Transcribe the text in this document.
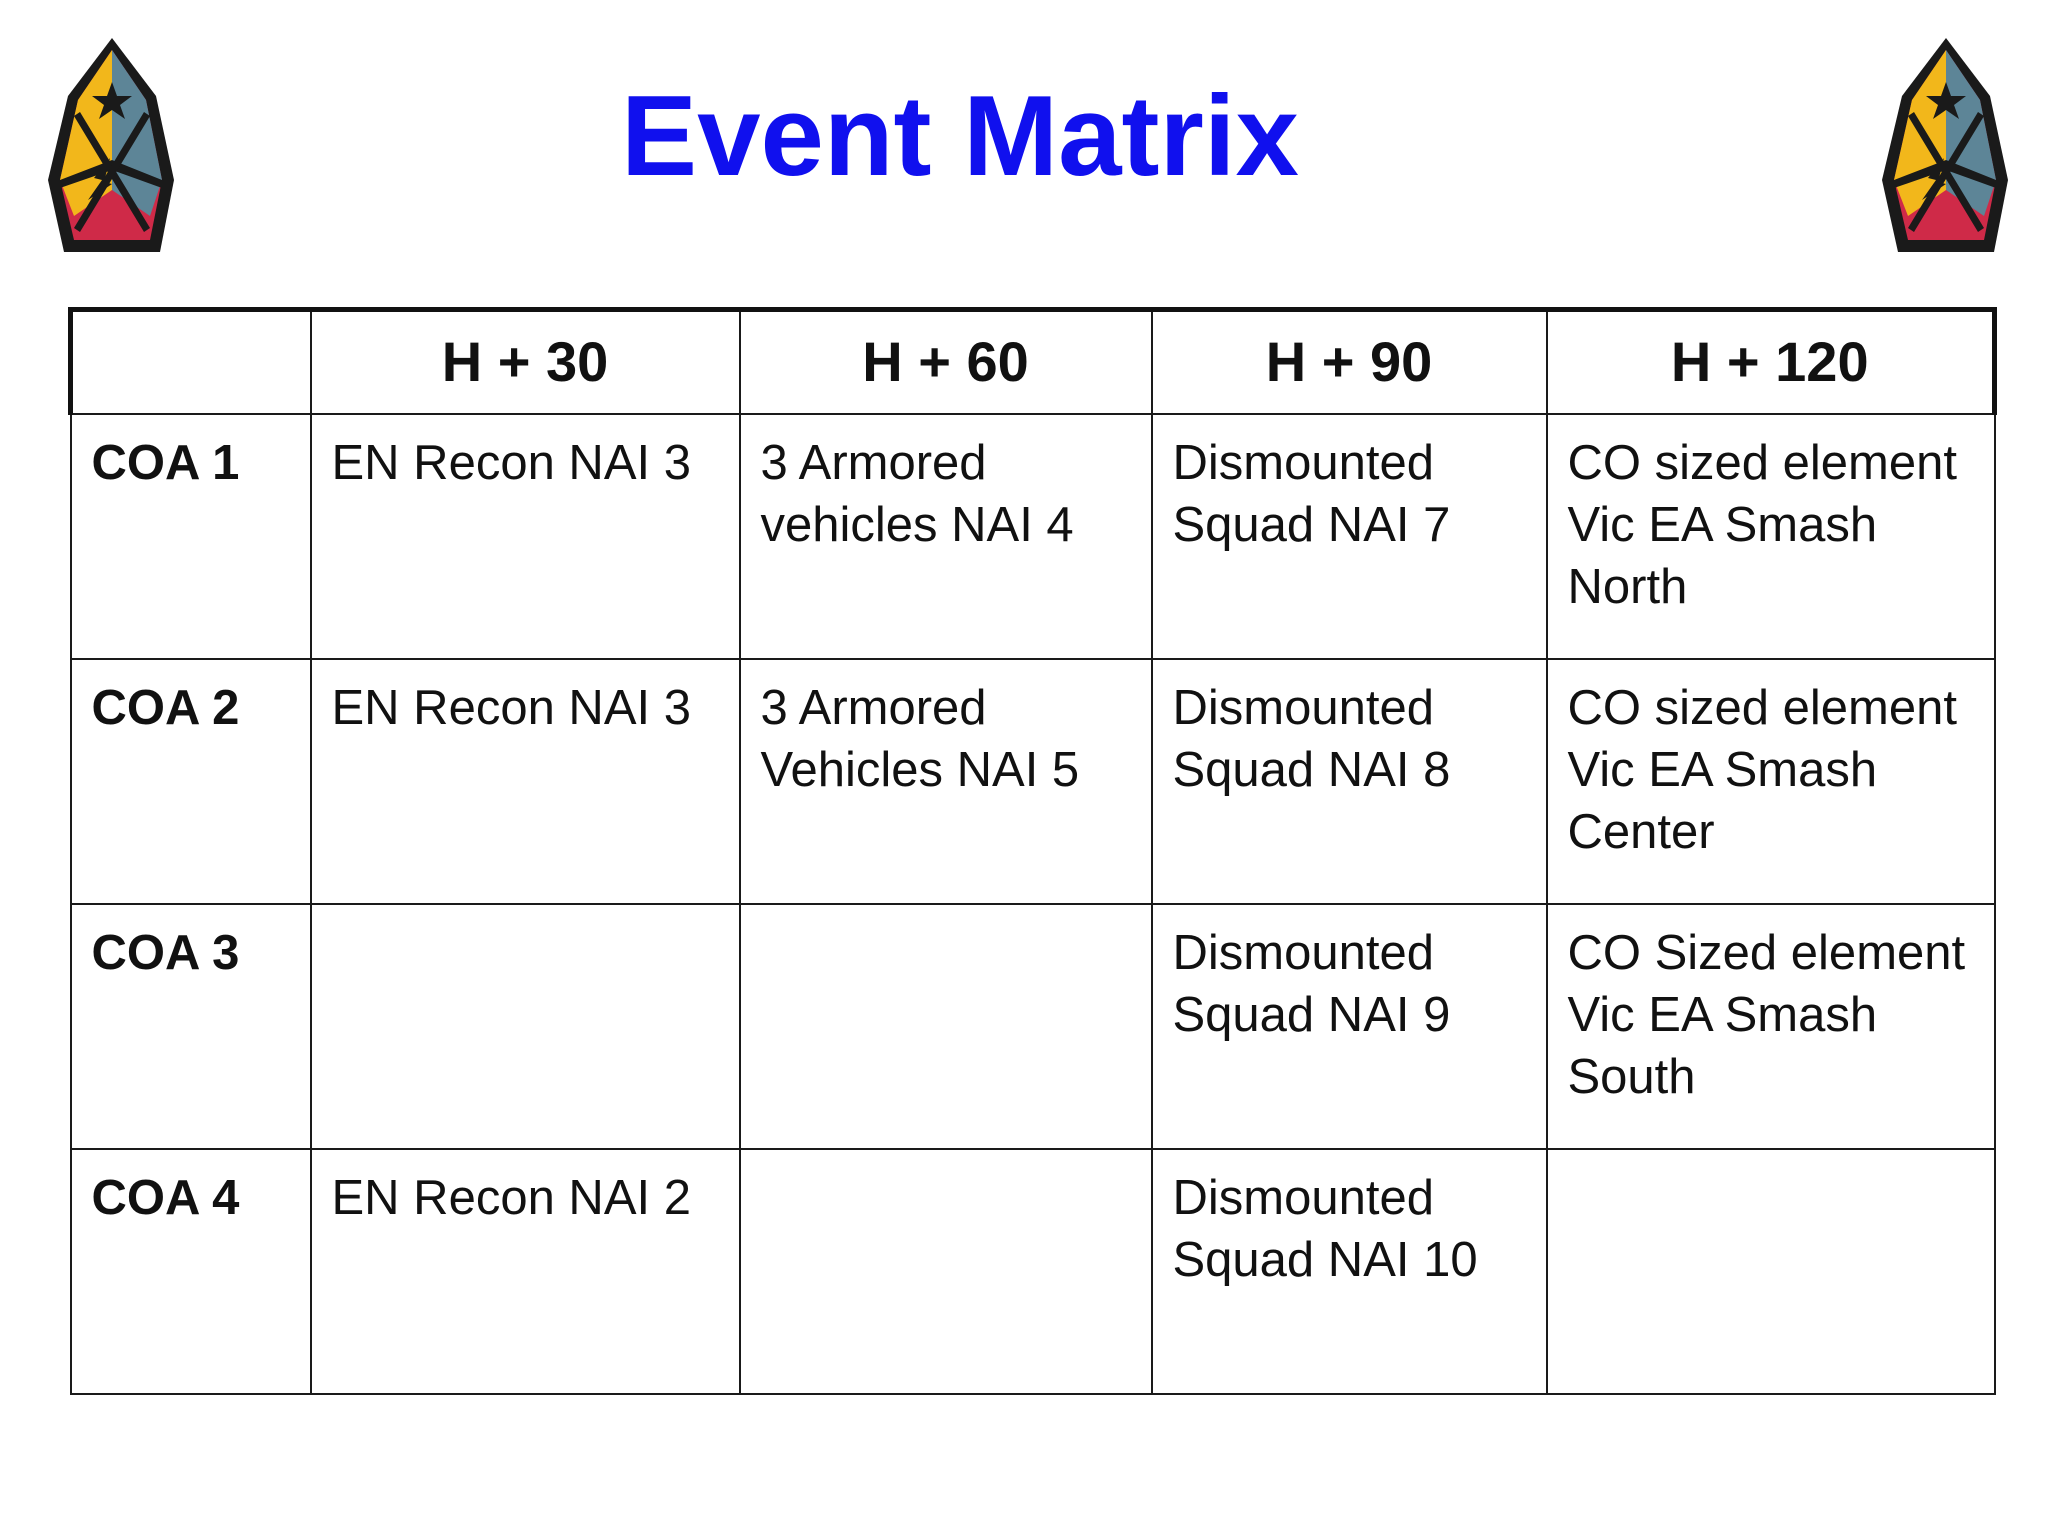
Event Matrix
	H + 30	H + 60	H + 90	H + 120
COA 1	EN Recon NAI 3	3 Armored vehicles NAI 4	Dismounted Squad NAI 7	CO sized element Vic EA Smash North
COA 2	EN Recon NAI 3	3 Armored Vehicles NAI 5	Dismounted Squad NAI 8	CO sized element Vic EA Smash Center
COA 3			Dismounted Squad NAI 9	CO Sized element Vic EA Smash South
COA 4	EN Recon NAI 2		Dismounted Squad NAI 10	
